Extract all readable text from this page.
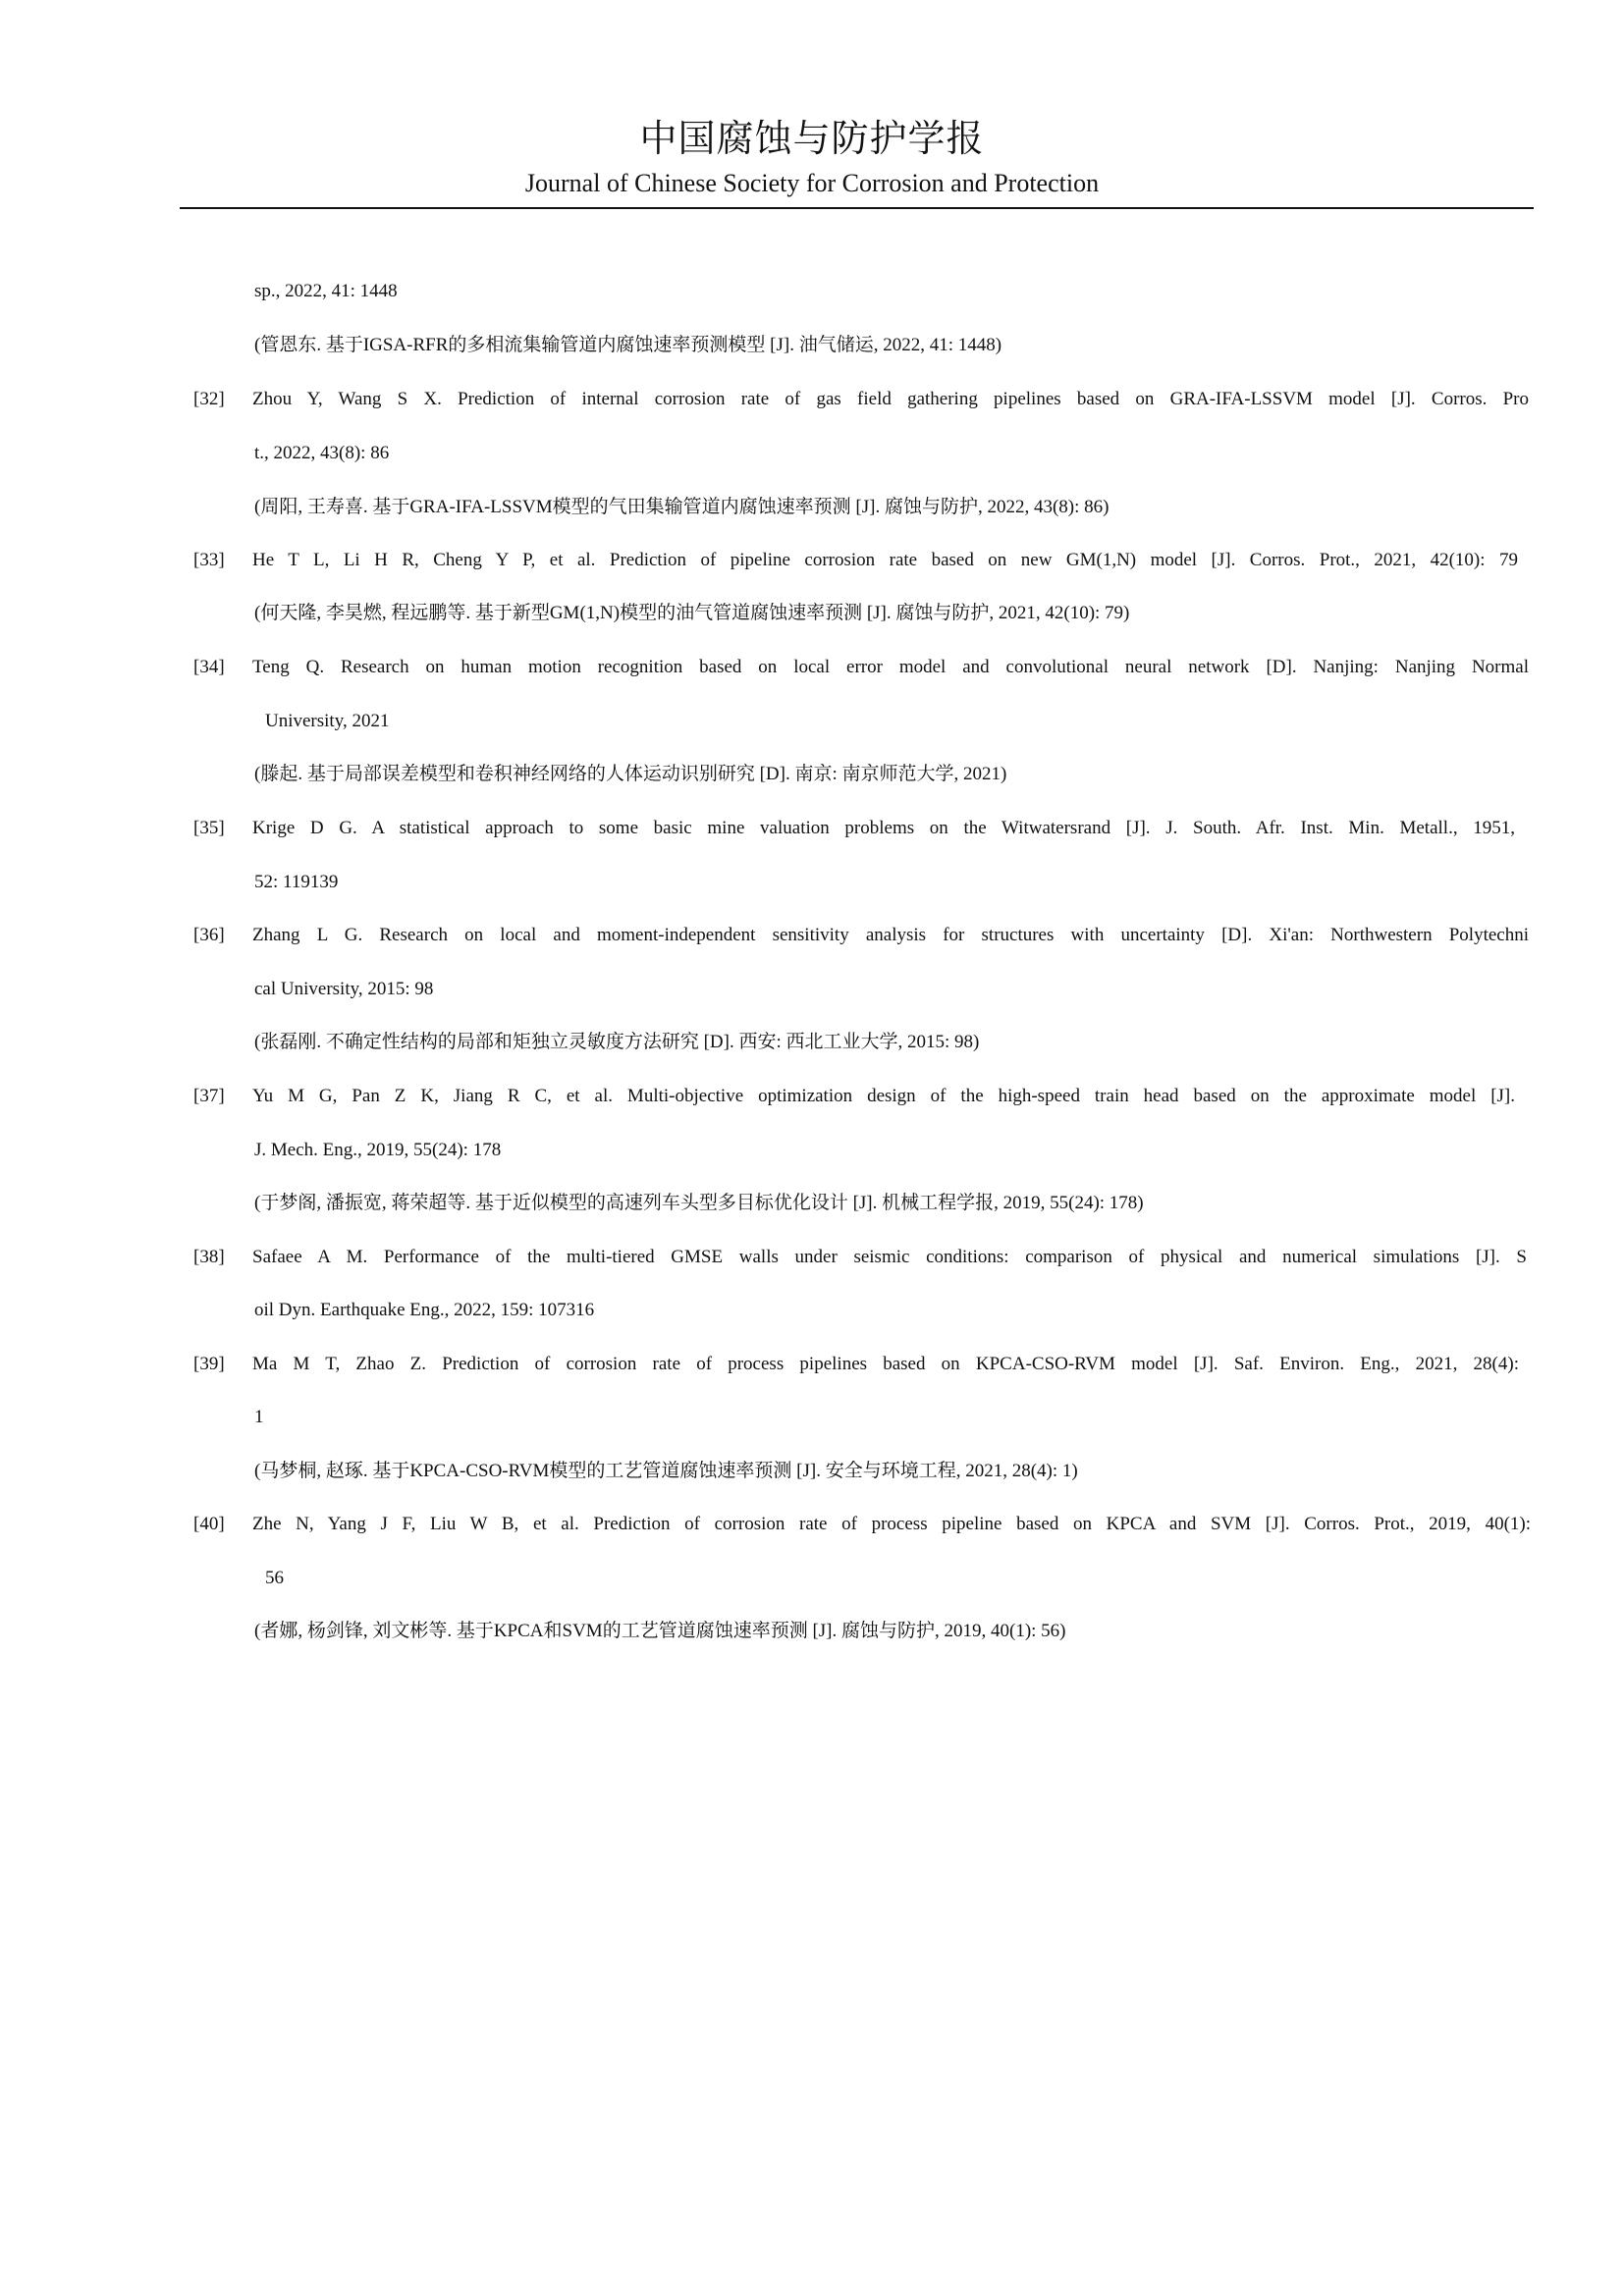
中国腐蚀与防护学报
Journal of Chinese Society for Corrosion and Protection
sp., 2022, 41: 1448
(管恩东. 基于IGSA-RFR的多相流集输管道内腐蚀速率预测模型 [J]. 油气储运, 2022, 41: 1448)
[32] Zhou Y, Wang S X. Prediction of internal corrosion rate of gas field gathering pipelines based on GRA-IFA-LSSVM model [J]. Corros. Pro
t., 2022, 43(8): 86
(周阳, 王寿喜. 基于GRA-IFA-LSSVM模型的气田集输管道内腐蚀速率预测 [J]. 腐蚀与防护, 2022, 43(8): 86)
[33] He T L, Li H R, Cheng Y P, et al. Prediction of pipeline corrosion rate based on new GM(1,N) model [J]. Corros. Prot., 2021, 42(10): 79
(何天隆, 李昊燃, 程远鹏等. 基于新型GM(1,N)模型的油气管道腐蚀速率预测 [J]. 腐蚀与防护, 2021, 42(10): 79)
[34] Teng Q. Research on human motion recognition based on local error model and convolutional neural network [D]. Nanjing: Nanjing Normal
University, 2021
(滕起. 基于局部误差模型和卷积神经网络的人体运动识别研究 [D]. 南京: 南京师范大学, 2021)
[35] Krige D G. A statistical approach to some basic mine valuation problems on the Witwatersrand [J]. J. South. Afr. Inst. Min. Metall., 1951,
52: 119139
[36] Zhang L G. Research on local and moment-independent sensitivity analysis for structures with uncertainty [D]. Xi'an: Northwestern Polytechni
cal University, 2015: 98
(张磊刚. 不确定性结构的局部和矩独立灵敏度方法研究 [D]. 西安: 西北工业大学, 2015: 98)
[37] Yu M G, Pan Z K, Jiang R C, et al. Multi-objective optimization design of the high-speed train head based on the approximate model [J].
J. Mech. Eng., 2019, 55(24): 178
(于梦阁, 潘振宽, 蒋荣超等. 基于近似模型的高速列车头型多目标优化设计 [J]. 机械工程学报, 2019, 55(24): 178)
[38] Safaee A M. Performance of the multi-tiered GMSE walls under seismic conditions: comparison of physical and numerical simulations [J]. S
oil Dyn. Earthquake Eng., 2022, 159: 107316
[39] Ma M T, Zhao Z. Prediction of corrosion rate of process pipelines based on KPCA-CSO-RVM model [J]. Saf. Environ. Eng., 2021, 28(4):
1
(马梦桐, 赵琢. 基于KPCA-CSO-RVM模型的工艺管道腐蚀速率预测 [J]. 安全与环境工程, 2021, 28(4): 1)
[40] Zhe N, Yang J F, Liu W B, et al. Prediction of corrosion rate of process pipeline based on KPCA and SVM [J]. Corros. Prot., 2019, 40(1):
56
(者娜, 杨剑锋, 刘文彬等. 基于KPCA和SVM的工艺管道腐蚀速率预测 [J]. 腐蚀与防护, 2019, 40(1): 56)
